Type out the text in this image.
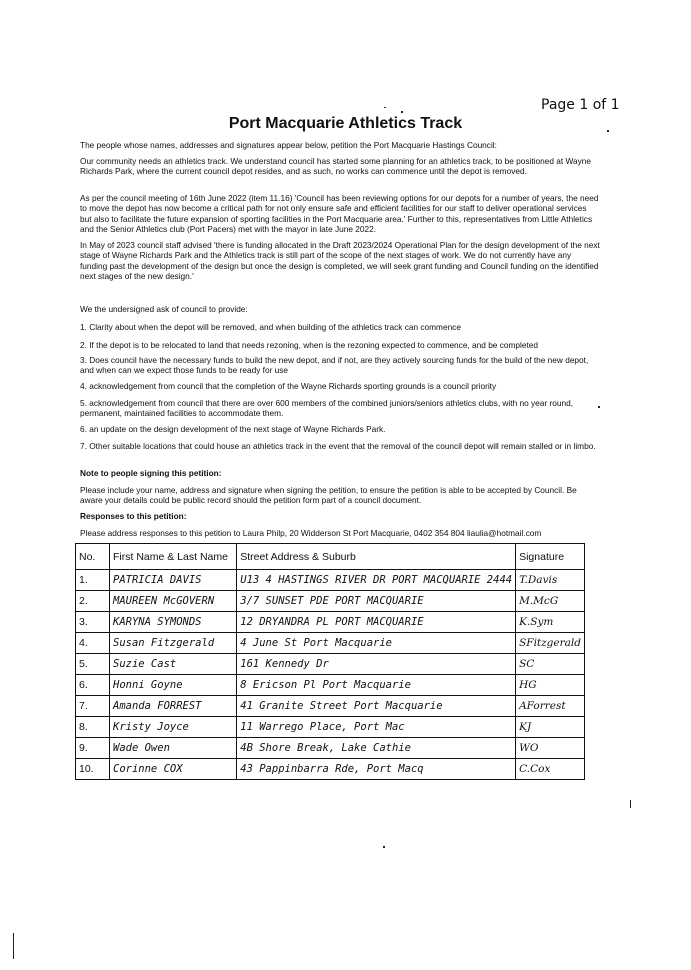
Page 1 of 1
Port Macquarie Athletics Track

The people whose names, addresses and signatures appear below, petition the Port Macquarie Hastings Council:

Our community needs an athletics track. We understand council has started some planning for an athletics track, to be positioned at Wayne Richards Park, where the current council depot resides, and as such, no works can commence until the depot is removed.

As per the council meeting of 16th June 2022 (item 11.16) 'Council has been reviewing options for our depots for a number of years, the need to move the depot has now become a critical path for not only ensure safe and efficient facilities for our staff to deliver operational services but also to facilitate the future expansion of sporting facilities in the Port Macquarie area.' Further to this, representatives from Little Athletics and the Senior Athletics club (Port Pacers) met with the mayor in late June 2022.

In May of 2023 council staff advised 'there is funding allocated in the Draft 2023/2024 Operational Plan for the design development of the next stage of Wayne Richards Park and the Athletics track is still part of the scope of the next stages of work. We do not currently have any funding past the development of the design but once the design is completed, we will seek grant funding and Council funding on the identified next stages of the new design.'

We the undersigned ask of council to provide:

1. Clarity about when the depot will be removed, and when building of the athletics track can commence

2. If the depot is to be relocated to land that needs rezoning, when is the rezoning expected to commence, and be completed

3. Does council have the necessary funds to build the new depot, and if not, are they actively sourcing funds for the build of the new depot, and when can we expect those funds to be ready for use

4. acknowledgement from council that the completion of the Wayne Richards sporting grounds is a council priority

5. acknowledgement from council that there are over 600 members of the combined juniors/seniors athletics clubs, with no year round, permanent, maintained facilities to accommodate them.

6. an update on the design development of the next stage of Wayne Richards Park.

7. Other suitable locations that could house an athletics track in the event that the removal of the council depot will remain stalled or in limbo.

Note to people signing this petition:

Please include your name, address and signature when signing the petition, to ensure the petition is able to be accepted by Council. Be aware your details could be public record should the petition form part of a council document.

Responses to this petition:

Please address responses to this petition to Laura Philp, 20 Widderson St Port Macquarie, 0402 354 804 liaulia@hotmail.com

No.	First Name & Last Name	Street Address & Suburb	Signature
1.	PATRICIA DAVIS	U13 4 HASTINGS RIVER DR PORT MACQUARIE 2444	T.Davis
2.	MAUREEN McGOVERN	3/7 SUNSET PDE PORT MACQUARIE	M.McG
3.	KARYNA SYMONDS	12 DRYANDRA PL PORT MACQUARIE	K.Sym
4.	Susan Fitzgerald	4 June St Port Macquarie	SFitzgerald
5.	Suzie Cast	161 Kennedy Dr	SC
6.	Honni Goyne	8 Ericson Pl Port Macquarie	HG
7.	Amanda FORREST	41 Granite Street Port Macquarie	AForrest
8.	Kristy Joyce	11 Warrego Place, Port Mac	KJ
9.	Wade Owen	4B Shore Break, Lake Cathie	WO
10.	Corinne COX	43 Pappinbarra Rde, Port Macq	C.Cox
